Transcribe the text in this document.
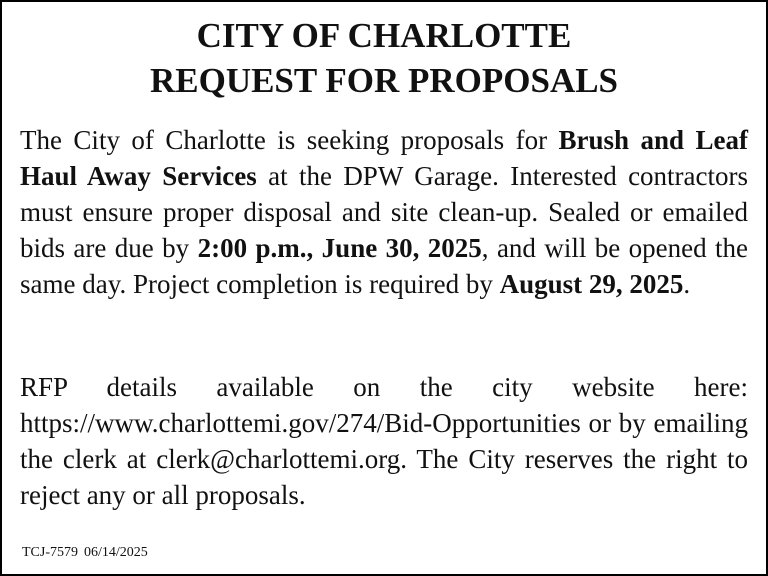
CITY OF CHARLOTTE
REQUEST FOR PROPOSALS

The City of Charlotte is seeking proposals for Brush and Leaf Haul Away Services at the DPW Garage. Interested contractors must ensure proper disposal and site clean-up. Sealed or emailed bids are due by 2:00 p.m., June 30, 2025, and will be opened the same day. Project completion is required by August 29, 2025.

RFP details available on the city website here: https://www.charlottemi.gov/274/Bid-Opportunities or by emailing the clerk at clerk@charlottemi.org. The City reserves the right to reject any or all proposals.

TCJ-7579 06/14/2025
